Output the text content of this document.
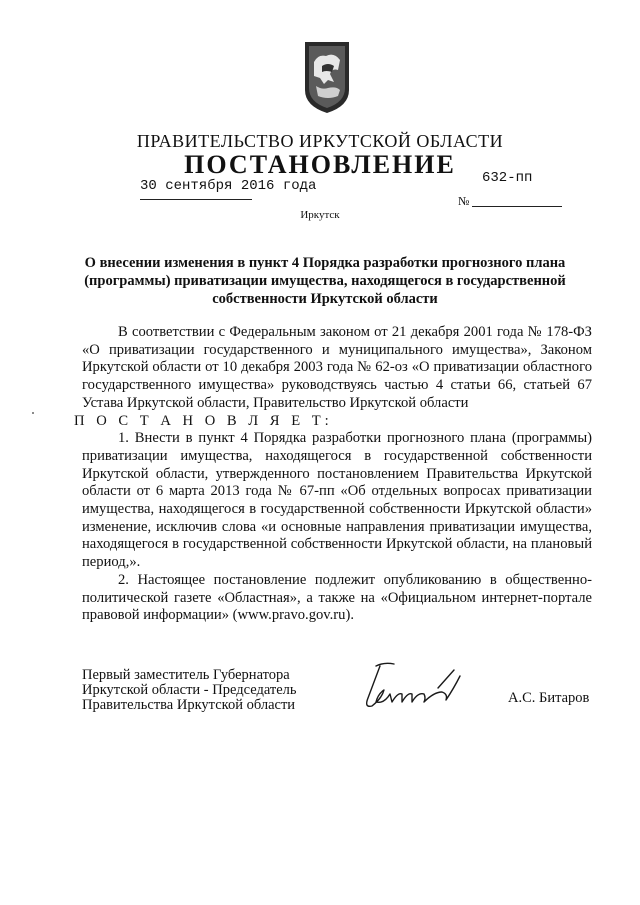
ПРАВИТЕЛЬСТВО ИРКУТСКОЙ ОБЛАСТИ
ПОСТАНОВЛЕНИЕ
30 сентября 2016 года	632-пп
№
Иркутск
О внесении изменения в пункт 4 Порядка разработки прогнозного плана (программы) приватизации имущества, находящегося в государственной собственности Иркутской области

В соответствии с Федеральным законом от 21 декабря 2001 года № 178-ФЗ «О приватизации государственного и муниципального имущества», Законом Иркутской области от 10 декабря 2003 года № 62-оз «О приватизации областного государственного имущества» руководствуясь частью 4 статьи 66, статьей 67 Устава Иркутской области, Правительство Иркутской области

П О С Т А Н О В Л Я Е Т:

1. Внести в пункт 4 Порядка разработки прогнозного плана (программы) приватизации имущества, находящегося в государственной собственности Иркутской области, утвержденного постановлением Правительства Иркутской области от 6 марта 2013 года № 67-пп «Об отдельных вопросах приватизации имущества, находящегося в государственной собственности Иркутской области» изменение, исключив слова «и основные направления приватизации имущества, находящегося в государственной собственности Иркутской области, на плановый период,».

2. Настоящее постановление подлежит опубликованию в общественно-политической газете «Областная», а также на «Официальном интернет-портале правовой информации» (www.pravo.gov.ru).

Первый заместитель Губернатора
Иркутской области - Председатель
Правительства Иркутской области	А.С. Битаров
